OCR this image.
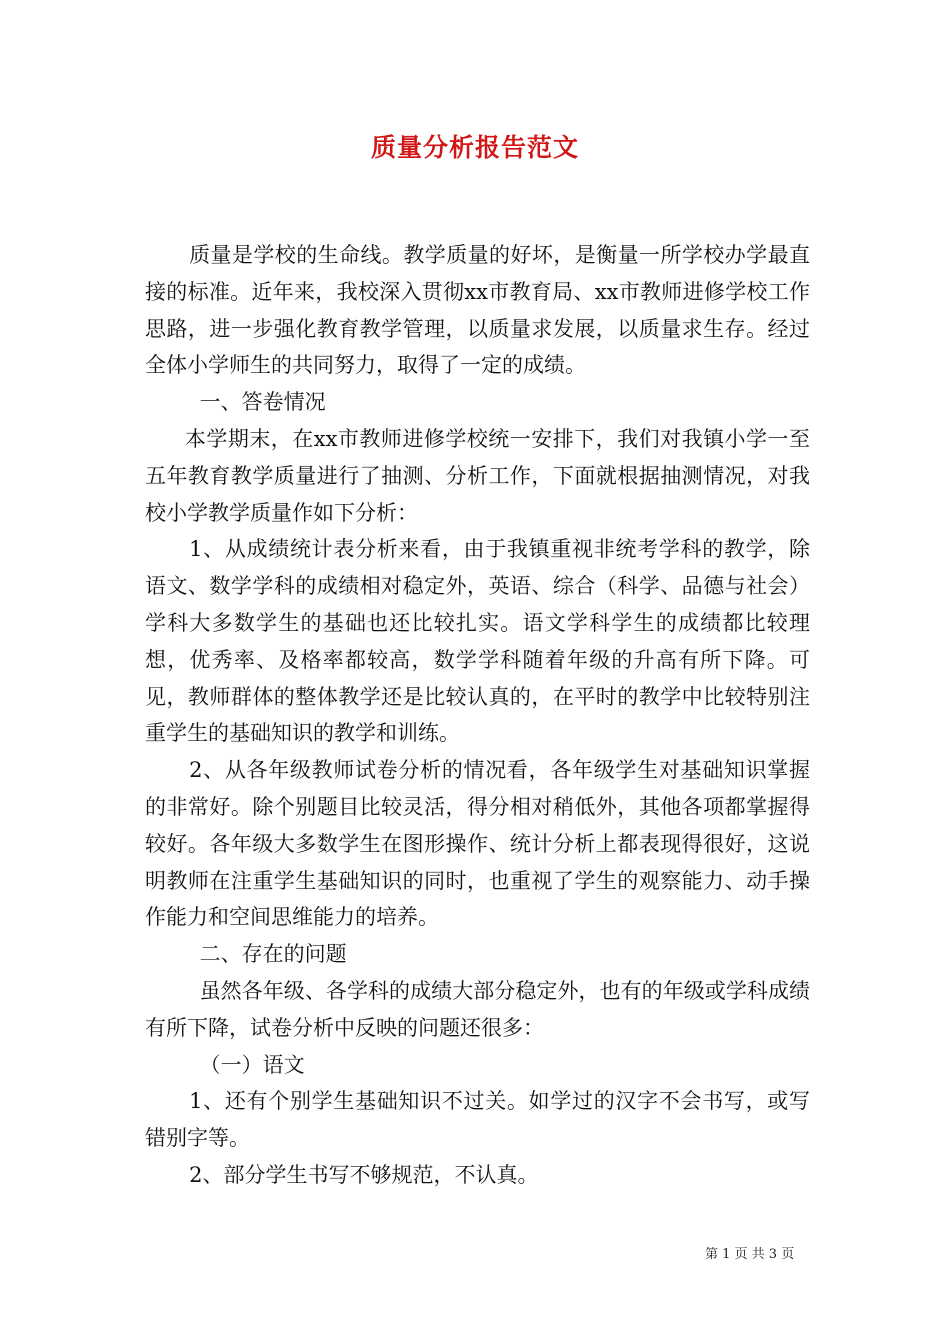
质量分析报告范文

质量是学校的生命线。教学质量的好坏，是衡量一所学校办学最直接的标准。近年来，我校深入贯彻xx市教育局、xx市教师进修学校工作思路，进一步强化教育教学管理，以质量求发展，以质量求生存。经过全体小学师生的共同努力，取得了一定的成绩。

一、答卷情况

本学期末，在xx市教师进修学校统一安排下，我们对我镇小学一至五年教育教学质量进行了抽测、分析工作，下面就根据抽测情况，对我校小学教学质量作如下分析：

1、从成绩统计表分析来看，由于我镇重视非统考学科的教学，除语文、数学学科的成绩相对稳定外，英语、综合（科学、品德与社会）学科大多数学生的基础也还比较扎实。语文学科学生的成绩都比较理想，优秀率、及格率都较高，数学学科随着年级的升高有所下降。可见，教师群体的整体教学还是比较认真的，在平时的教学中比较特别注重学生的基础知识的教学和训练。

2、从各年级教师试卷分析的情况看，各年级学生对基础知识掌握的非常好。除个别题目比较灵活，得分相对稍低外，其他各项都掌握得较好。各年级大多数学生在图形操作、统计分析上都表现得很好，这说明教师在注重学生基础知识的同时，也重视了学生的观察能力、动手操作能力和空间思维能力的培养。

二、存在的问题

虽然各年级、各学科的成绩大部分稳定外，也有的年级或学科成绩有所下降，试卷分析中反映的问题还很多：

（一）语文

1、还有个别学生基础知识不过关。如学过的汉字不会书写，或写错别字等。

2、部分学生书写不够规范，不认真。

第 1 页 共 3 页
